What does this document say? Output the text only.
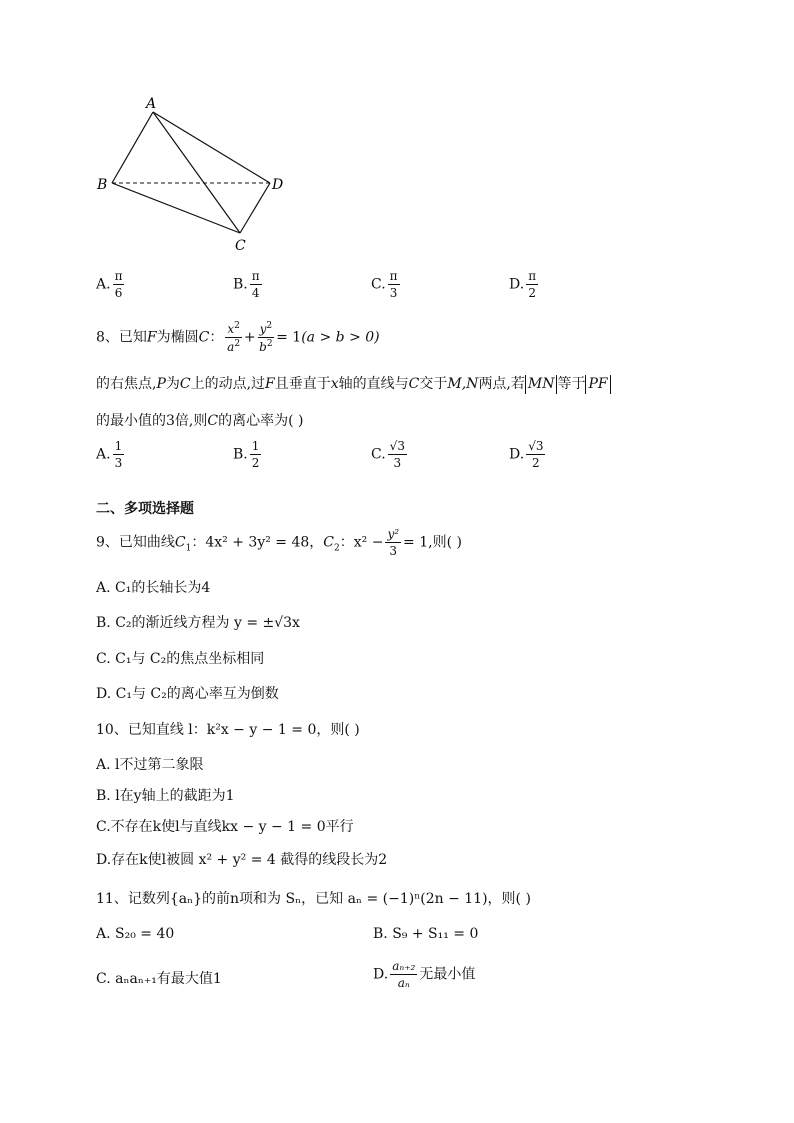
A
B	D
C
A. $\frac{\pi}{6}$	B. $\frac{\pi}{4}$	C. $\frac{\pi}{3}$	D. $\frac{\pi}{2}$
8、已知F为椭圆C： $\frac{x^2}{a^2} + \frac{y^2}{b^2} = 1(a > b > 0)$
的右焦点,P为C上的动点,过F且垂直于x轴的直线与C交于M,N两点,若 MN 等于 PF
的最小值的3倍,则C的离心率为( )
A. $\frac{1}{3}$	B. $\frac{1}{2}$	C. $\frac{√3}{3}$	D. $\frac{√3}{2}$
二、多项选择题
9、已知曲线$C_1$：4x² + 3y² = 48，$C_2$：$x^2 - \frac{\text{y²}}{3} = 1$,则( )
A. C₁的长轴长为4
B. C₂的渐近线方程为 y = ±√3x
C. C₁与 C₂的焦点坐标相同
D. C₁与 C₂的离心率互为倒数
10、已知直线 l：k²x − y − 1 = 0，则( )
A. l不过第二象限
B. l在y轴上的截距为1
C.不存在k使l与直线kx − y − 1 = 0平行
D.存在k使l被圆 x² + y² = 4 截得的线段长为2
11、记数列{aₙ}的前n项和为 Sₙ，已知 aₙ = (−1)ⁿ(2n − 11)，则( )
A. S₂₀ = 40	B. S₉ + S₁₁ = 0
C. aₙaₙ₊₁有最大值1	D. $\frac{\text{aₙ₊₂}}{\text{aₙ}}$ 无最小值
